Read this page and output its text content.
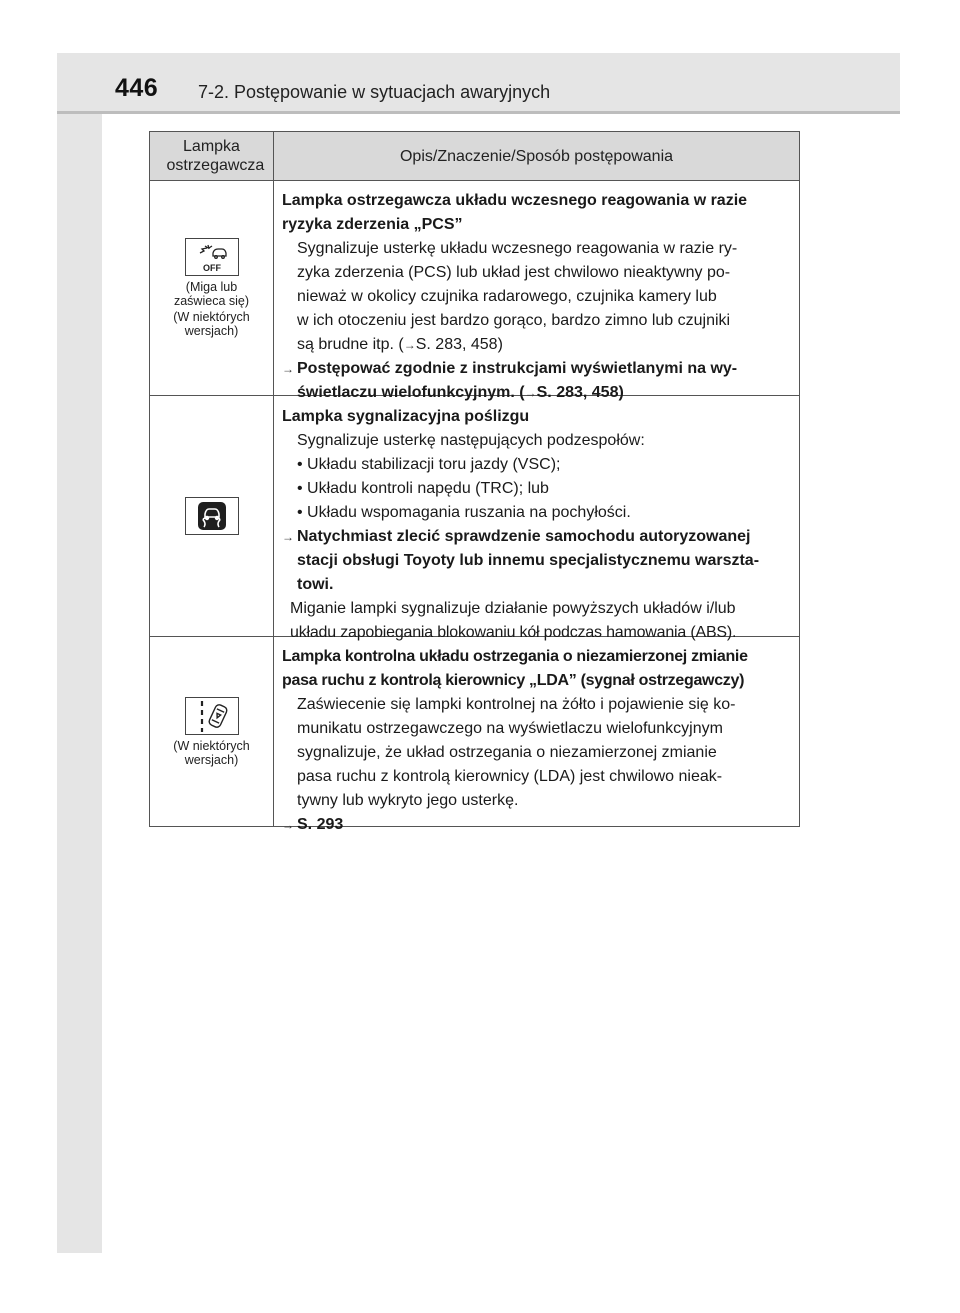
446 7-2. Postępowanie w sytuacjach awaryjnych
Lampka ostrzegawcza
Opis/Znaczenie/Sposób postępowania
OFF
(Miga lub zaświeca się)
(W niektórych wersjach)
Lampka ostrzegawcza układu wczesnego reagowania w razie
ryzyka zderzenia „PCS”
Sygnalizuje usterkę układu wczesnego reagowania w razie ry-
zyka zderzenia (PCS) lub układ jest chwilowo nieaktywny po-
nieważ w okolicy czujnika radarowego, czujnika kamery lub
w ich otoczeniu jest bardzo gorąco, bardzo zimno lub czujniki
są brudne itp. (→S. 283, 458)
→ Postępować zgodnie z instrukcjami wyświetlanymi na wy-
świetlaczu wielofunkcyjnym. (→S. 283, 458)
Lampka sygnalizacyjna poślizgu
Sygnalizuje usterkę następujących podzespołów:
• Układu stabilizacji toru jazdy (VSC);
• Układu kontroli napędu (TRC); lub
• Układu wspomagania ruszania na pochyłości.
→ Natychmiast zlecić sprawdzenie samochodu autoryzowanej
stacji obsługi Toyoty lub innemu specjalistycznemu warszta-
towi.
Miganie lampki sygnalizuje działanie powyższych układów i/lub
układu zapobiegania blokowaniu kół podczas hamowania (ABS).
(W niektórych wersjach)
Lampka kontrolna układu ostrzegania o niezamierzonej zmianie
pasa ruchu z kontrolą kierownicy „LDA” (sygnał ostrzegawczy)
Zaświecenie się lampki kontrolnej na żółto i pojawienie się ko-
munikatu ostrzegawczego na wyświetlaczu wielofunkcyjnym
sygnalizuje, że układ ostrzegania o niezamierzonej zmianie
pasa ruchu z kontrolą kierownicy (LDA) jest chwilowo nieak-
tywny lub wykryto jego usterkę.
→ S. 293
